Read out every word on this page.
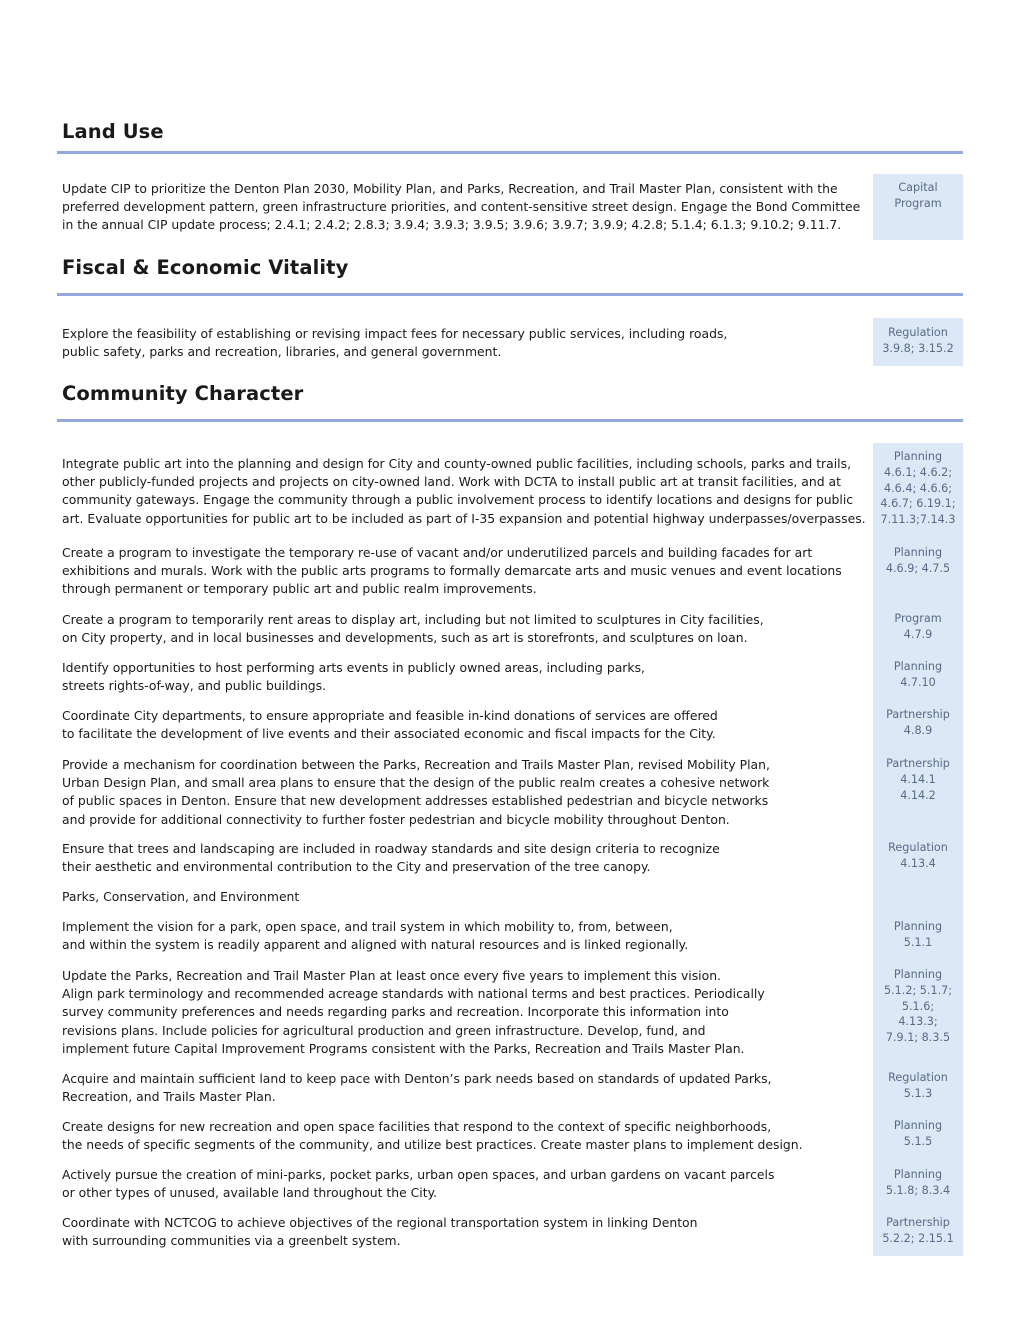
Land Use
Update CIP to prioritize the Denton Plan 2030, Mobility Plan, and Parks, Recreation, and Trail Master Plan, consistent with the
preferred development pattern, green infrastructure priorities, and content-sensitive street design. Engage the Bond Committee
in the annual CIP update process; 2.4.1; 2.4.2; 2.8.3; 3.9.4; 3.9.3; 3.9.5; 3.9.6; 3.9.7; 3.9.9; 4.2.8; 5.1.4; 6.1.3; 9.10.2; 9.11.7.
Capital
Program
Fiscal & Economic Vitality
Explore the feasibility of establishing or revising impact fees for necessary public services, including roads,
public safety, parks and recreation, libraries, and general government.
Regulation
3.9.8; 3.15.2
Community Character
Integrate public art into the planning and design for City and county-owned public facilities, including schools, parks and trails,
other publicly-funded projects and projects on city-owned land. Work with DCTA to install public art at transit facilities, and at
community gateways. Engage the community through a public involvement process to identify locations and designs for public
art. Evaluate opportunities for public art to be included as part of I-35 expansion and potential highway underpasses/overpasses.
Planning
4.6.1; 4.6.2;
4.6.4; 4.6.6;
4.6.7; 6.19.1;
7.11.3;7.14.3
Create a program to investigate the temporary re-use of vacant and/or underutilized parcels and building facades for art
exhibitions and murals. Work with the public arts programs to formally demarcate arts and music venues and event locations
through permanent or temporary public art and public realm improvements.
Planning
4.6.9; 4.7.5
Create a program to temporarily rent areas to display art, including but not limited to sculptures in City facilities,
on City property, and in local businesses and developments, such as art is storefronts, and sculptures on loan.
Program
4.7.9
Identify opportunities to host performing arts events in publicly owned areas, including parks,
streets rights-of-way, and public buildings.
Planning
4.7.10
Coordinate City departments, to ensure appropriate and feasible in-kind donations of services are offered
to facilitate the development of live events and their associated economic and fiscal impacts for the City.
Partnership
4.8.9
Provide a mechanism for coordination between the Parks, Recreation and Trails Master Plan, revised Mobility Plan,
Urban Design Plan, and small area plans to ensure that the design of the public realm creates a cohesive network
of public spaces in Denton. Ensure that new development addresses established pedestrian and bicycle networks
and provide for additional connectivity to further foster pedestrian and bicycle mobility throughout Denton.
Partnership
4.14.1
4.14.2
Ensure that trees and landscaping are included in roadway standards and site design criteria to recognize
their aesthetic and environmental contribution to the City and preservation of the tree canopy.
Regulation
4.13.4
Parks, Conservation, and Environment
Implement the vision for a park, open space, and trail system in which mobility to, from, between,
and within the system is readily apparent and aligned with natural resources and is linked regionally.
Planning
5.1.1
Update the Parks, Recreation and Trail Master Plan at least once every five years to implement this vision.
Align park terminology and recommended acreage standards with national terms and best practices. Periodically
survey community preferences and needs regarding parks and recreation. Incorporate this information into
revisions plans. Include policies for agricultural production and green infrastructure. Develop, fund, and
implement future Capital Improvement Programs consistent with the Parks, Recreation and Trails Master Plan.
Planning
5.1.2; 5.1.7;
5.1.6;
4.13.3;
7.9.1; 8.3.5
Acquire and maintain sufficient land to keep pace with Denton’s park needs based on standards of updated Parks,
Recreation, and Trails Master Plan.
Regulation
5.1.3
Create designs for new recreation and open space facilities that respond to the context of specific neighborhoods,
the needs of specific segments of the community, and utilize best practices. Create master plans to implement design.
Planning
5.1.5
Actively pursue the creation of mini-parks, pocket parks, urban open spaces, and urban gardens on vacant parcels
or other types of unused, available land throughout the City.
Planning
5.1.8; 8.3.4
Coordinate with NCTCOG to achieve objectives of the regional transportation system in linking Denton
with surrounding communities via a greenbelt system.
Partnership
5.2.2; 2.15.1
